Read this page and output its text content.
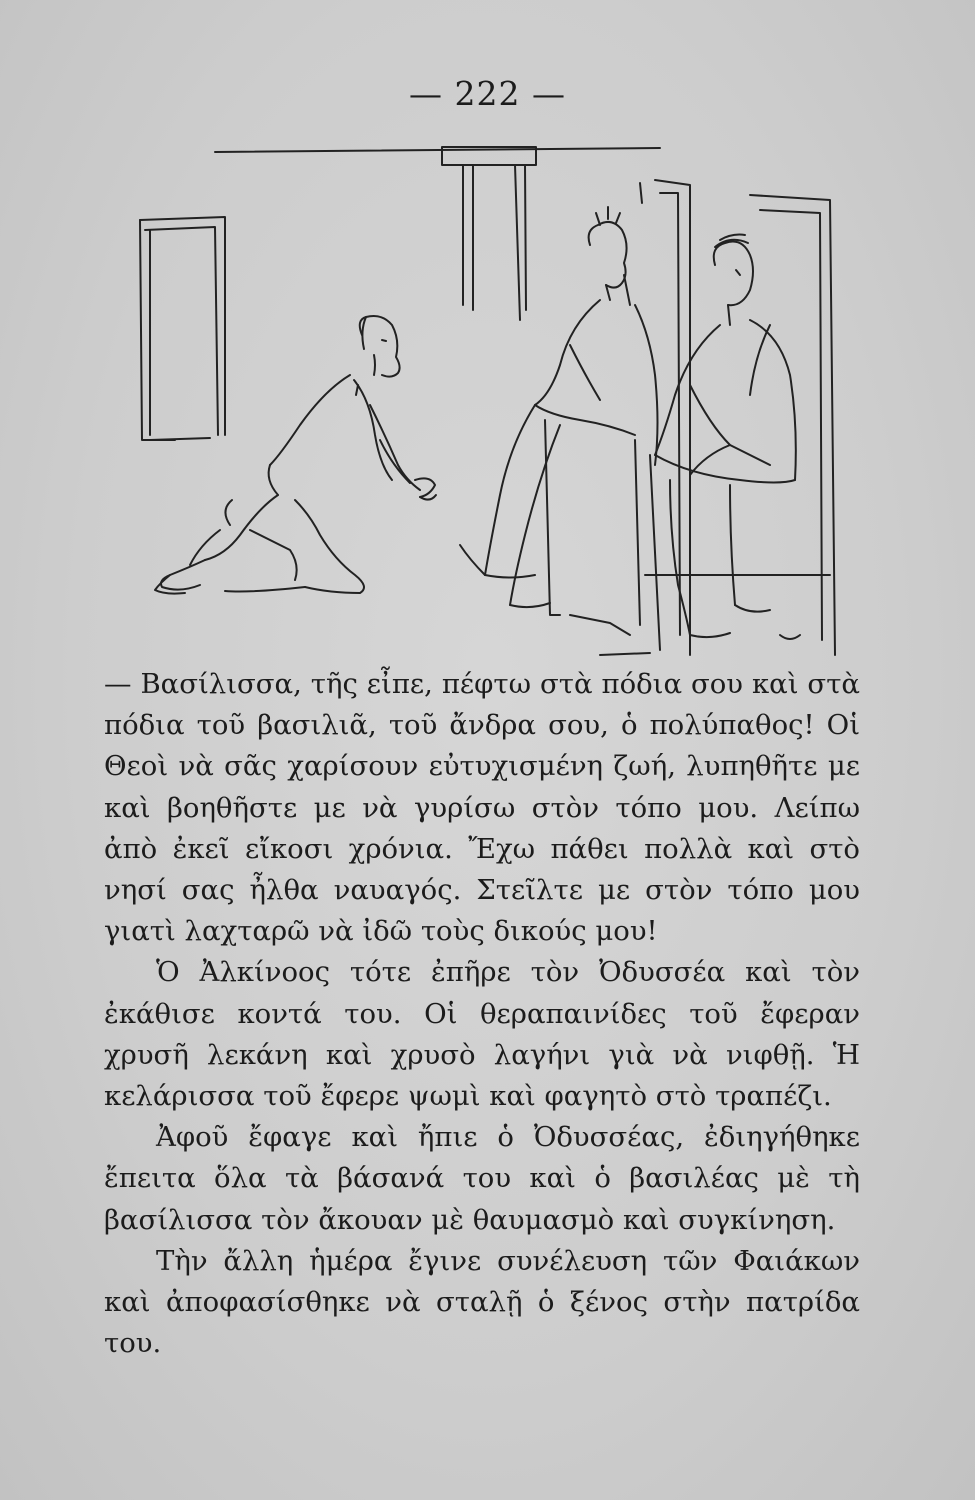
— 222 —

— Βασίλισσα, τῆς εἶπε, πέφτω στὰ πόδια σου καὶ στὰ πόδια τοῦ βασιλιᾶ, τοῦ ἄνδρα σου, ὁ πολύπαθος! Οἱ Θεοὶ νὰ σᾶς χαρίσουν εὐτυχισμένη ζωή, λυπηθῆτε με καὶ βοηθῆστε με νὰ γυρίσω στὸν τόπο μου. Λείπω ἀπὸ ἐκεῖ εἴκοσι χρόνια. Ἔχω πάθει πολλὰ καὶ στὸ νησί σας ἦλθα ναυαγός. Στεῖλτε με στὸν τόπο μου γιατὶ λαχταρῶ νὰ ἰδῶ τοὺς δικούς μου!

Ὁ Ἀλκίνοος τότε ἐπῆρε τὸν Ὀδυσσέα καὶ τὸν ἐκάθισε κοντά του. Οἱ θεραπαινίδες τοῦ ἔφεραν χρυσῆ λεκάνη καὶ χρυσὸ λαγήνι γιὰ νὰ νιφθῇ. Ἡ κελάρισσα τοῦ ἔφερε ψωμὶ καὶ φαγητὸ στὸ τραπέζι.

Ἀφοῦ ἔφαγε καὶ ἤπιε ὁ Ὀδυσσέας, ἐδιηγήθηκε ἔπειτα ὅλα τὰ βάσανά του καὶ ὁ βασιλέας μὲ τὴ βασίλισσα τὸν ἄκουαν μὲ θαυμασμὸ καὶ συγκίνηση.

Τὴν ἄλλη ἡμέρα ἔγινε συνέλευση τῶν Φαιάκων καὶ ἀποφασίσθηκε νὰ σταλῇ ὁ ξένος στὴν πατρίδα του.
